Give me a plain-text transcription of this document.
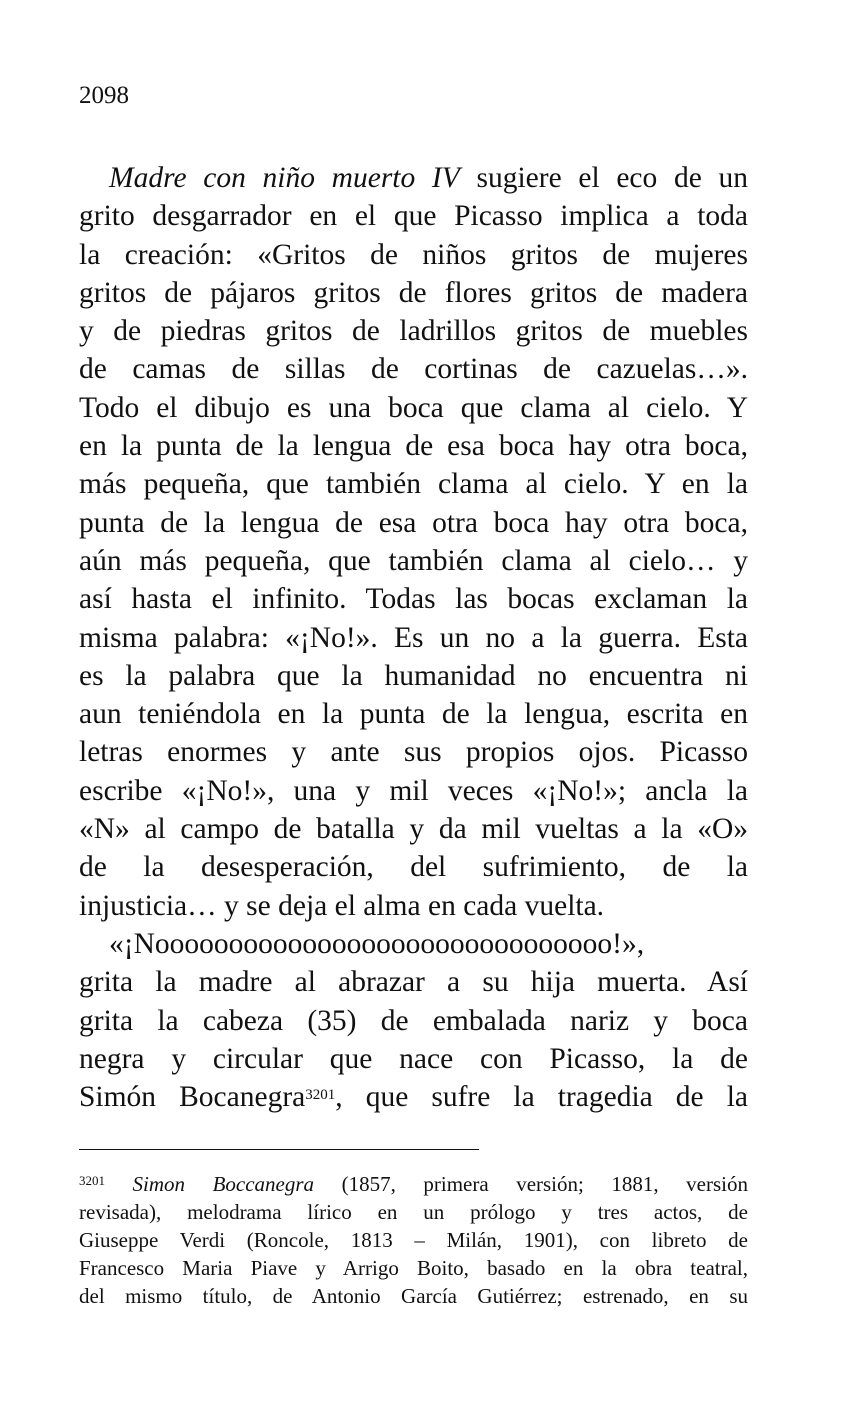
2098
Madre con niño muerto IV sugiere el eco de un
grito desgarrador en el que Picasso implica a toda
la creación: «Gritos de niños gritos de mujeres
gritos de pájaros gritos de flores gritos de madera
y de piedras gritos de ladrillos gritos de muebles
de camas de sillas de cortinas de cazuelas…».
Todo el dibujo es una boca que clama al cielo. Y
en la punta de la lengua de esa boca hay otra boca,
más pequeña, que también clama al cielo. Y en la
punta de la lengua de esa otra boca hay otra boca,
aún más pequeña, que también clama al cielo… y
así hasta el infinito. Todas las bocas exclaman la
misma palabra: «¡No!». Es un no a la guerra. Esta
es la palabra que la humanidad no encuentra ni
aun teniéndola en la punta de la lengua, escrita en
letras enormes y ante sus propios ojos. Picasso
escribe «¡No!», una y mil veces «¡No!»; ancla la
«N» al campo de batalla y da mil vueltas a la «O»
de la desesperación, del sufrimiento, de la
injusticia… y se deja el alma en cada vuelta.
«¡Nooooooooooooooooooooooooooooooo!»,
grita la madre al abrazar a su hija muerta. Así
grita la cabeza (35) de embalada nariz y boca
negra y circular que nace con Picasso, la de
Simón Bocanegra$^{3201}$, que sufre la tragedia de la
$^{3201}$ Simon Boccanegra (1857, primera versión; 1881, versión
revisada), melodrama lírico en un prólogo y tres actos, de
Giuseppe Verdi (Roncole, 1813 – Milán, 1901), con libreto de
Francesco Maria Piave y Arrigo Boito, basado en la obra teatral,
del mismo título, de Antonio García Gutiérrez; estrenado, en su
